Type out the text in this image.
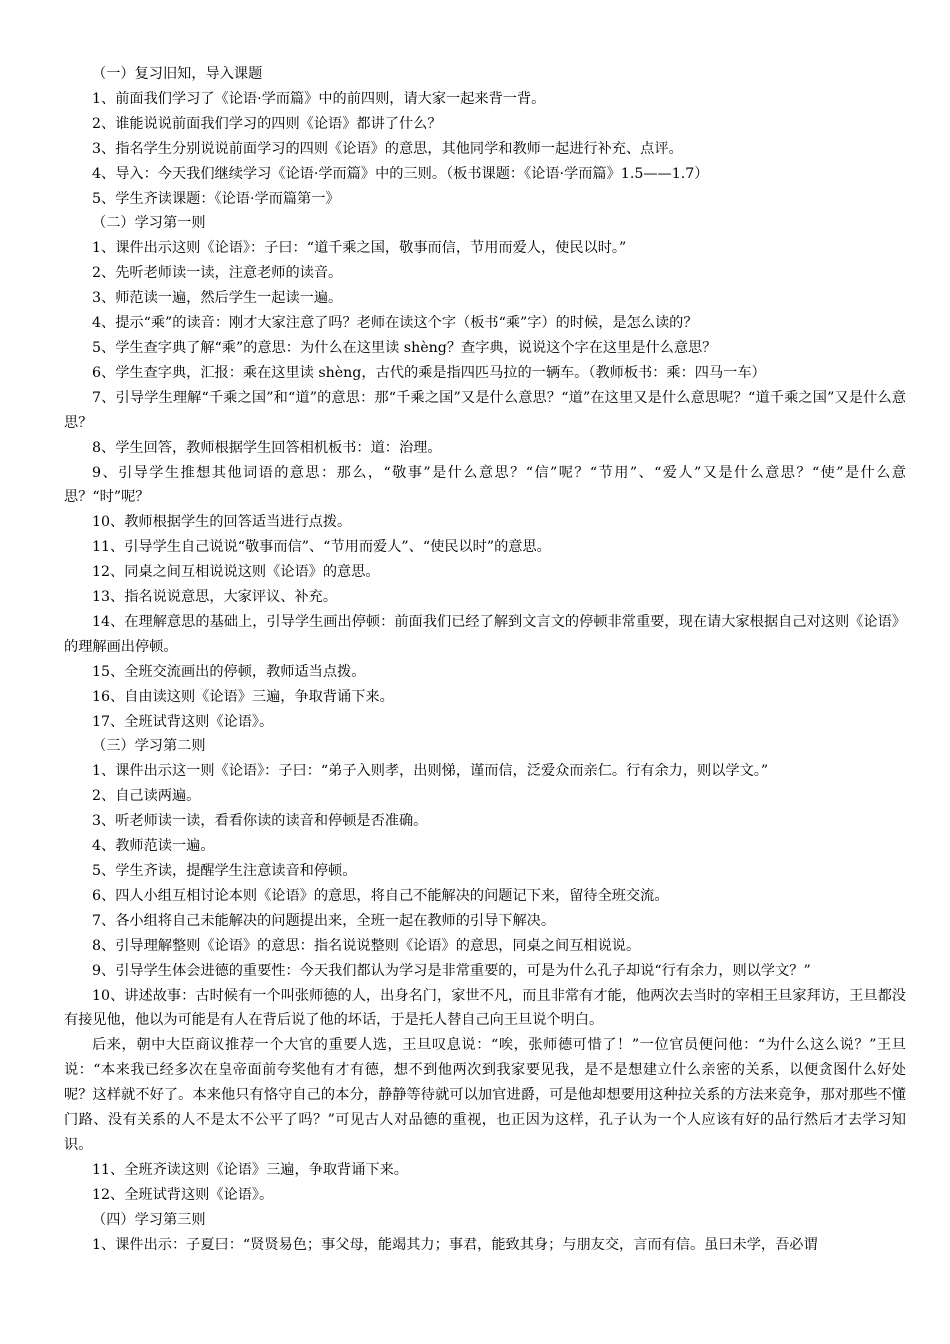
（一）复习旧知，导入课题

1、前面我们学习了《论语·学而篇》中的前四则，请大家一起来背一背。

2、谁能说说前面我们学习的四则《论语》都讲了什么？

3、指名学生分别说说前面学习的四则《论语》的意思，其他同学和教师一起进行补充、点评。

4、导入：今天我们继续学习《论语·学而篇》中的三则。（板书课题：《论语·学而篇》1.5——1.7）

5、学生齐读课题：《论语·学而篇第一》

（二）学习第一则

1、课件出示这则《论语》：子曰：“道千乘之国，敬事而信，节用而爱人，使民以时。”

2、先听老师读一读，注意老师的读音。

3、师范读一遍，然后学生一起读一遍。

4、提示“乘”的读音：刚才大家注意了吗？老师在读这个字（板书“乘”字）的时候，是怎么读的？

5、学生查字典了解“乘”的意思：为什么在这里读 shèng？查字典，说说这个字在这里是什么意思？

6、学生查字典，汇报：乘在这里读 shèng，古代的乘是指四匹马拉的一辆车。（教师板书：乘：四马一车）

7、引导学生理解“千乘之国”和“道”的意思：那“千乘之国”又是什么意思？“道”在这里又是什么意思呢？“道千乘之国”又是什么意思？

8、学生回答，教师根据学生回答相机板书：道：治理。

9、引导学生推想其他词语的意思：那么，“敬事”是什么意思？“信”呢？“节用”、“爱人”又是什么意思？“使”是什么意思？“时”呢？

10、教师根据学生的回答适当进行点拨。

11、引导学生自己说说“敬事而信”、“节用而爱人”、“使民以时”的意思。

12、同桌之间互相说说这则《论语》的意思。

13、指名说说意思，大家评议、补充。

14、在理解意思的基础上，引导学生画出停顿：前面我们已经了解到文言文的停顿非常重要，现在请大家根据自己对这则《论语》的理解画出停顿。

15、全班交流画出的停顿，教师适当点拨。

16、自由读这则《论语》三遍，争取背诵下来。

17、全班试背这则《论语》。

（三）学习第二则

1、课件出示这一则《论语》：子曰：“弟子入则孝，出则悌，谨而信，泛爱众而亲仁。行有余力，则以学文。”

2、自己读两遍。

3、听老师读一读，看看你读的读音和停顿是否准确。

4、教师范读一遍。

5、学生齐读，提醒学生注意读音和停顿。

6、四人小组互相讨论本则《论语》的意思，将自己不能解决的问题记下来，留待全班交流。

7、各小组将自己未能解决的问题提出来，全班一起在教师的引导下解决。

8、引导理解整则《论语》的意思：指名说说整则《论语》的意思，同桌之间互相说说。

9、引导学生体会进德的重要性：今天我们都认为学习是非常重要的，可是为什么孔子却说“行有余力，则以学文？”

10、讲述故事：古时候有一个叫张师德的人，出身名门，家世不凡，而且非常有才能，他两次去当时的宰相王旦家拜访，王旦都没有接见他，他以为可能是有人在背后说了他的坏话，于是托人替自己向王旦说个明白。

后来，朝中大臣商议推荐一个大官的重要人选，王旦叹息说：“唉，张师德可惜了！”一位官员便问他：“为什么这么说？”王旦说：“本来我已经多次在皇帝面前夸奖他有才有德，想不到他两次到我家要见我，是不是想建立什么亲密的关系，以便贪图什么好处呢？这样就不好了。本来他只有恪守自己的本分，静静等待就可以加官进爵，可是他却想要用这种拉关系的方法来竞争，那对那些不懂门路、没有关系的人不是太不公平了吗？”可见古人对品德的重视，也正因为这样，孔子认为一个人应该有好的品行然后才去学习知识。

11、全班齐读这则《论语》三遍，争取背诵下来。

12、全班试背这则《论语》。

（四）学习第三则

1、课件出示：子夏曰：“贤贤易色；事父母，能竭其力；事君，能致其身；与朋友交，言而有信。虽曰未学，吾必谓
